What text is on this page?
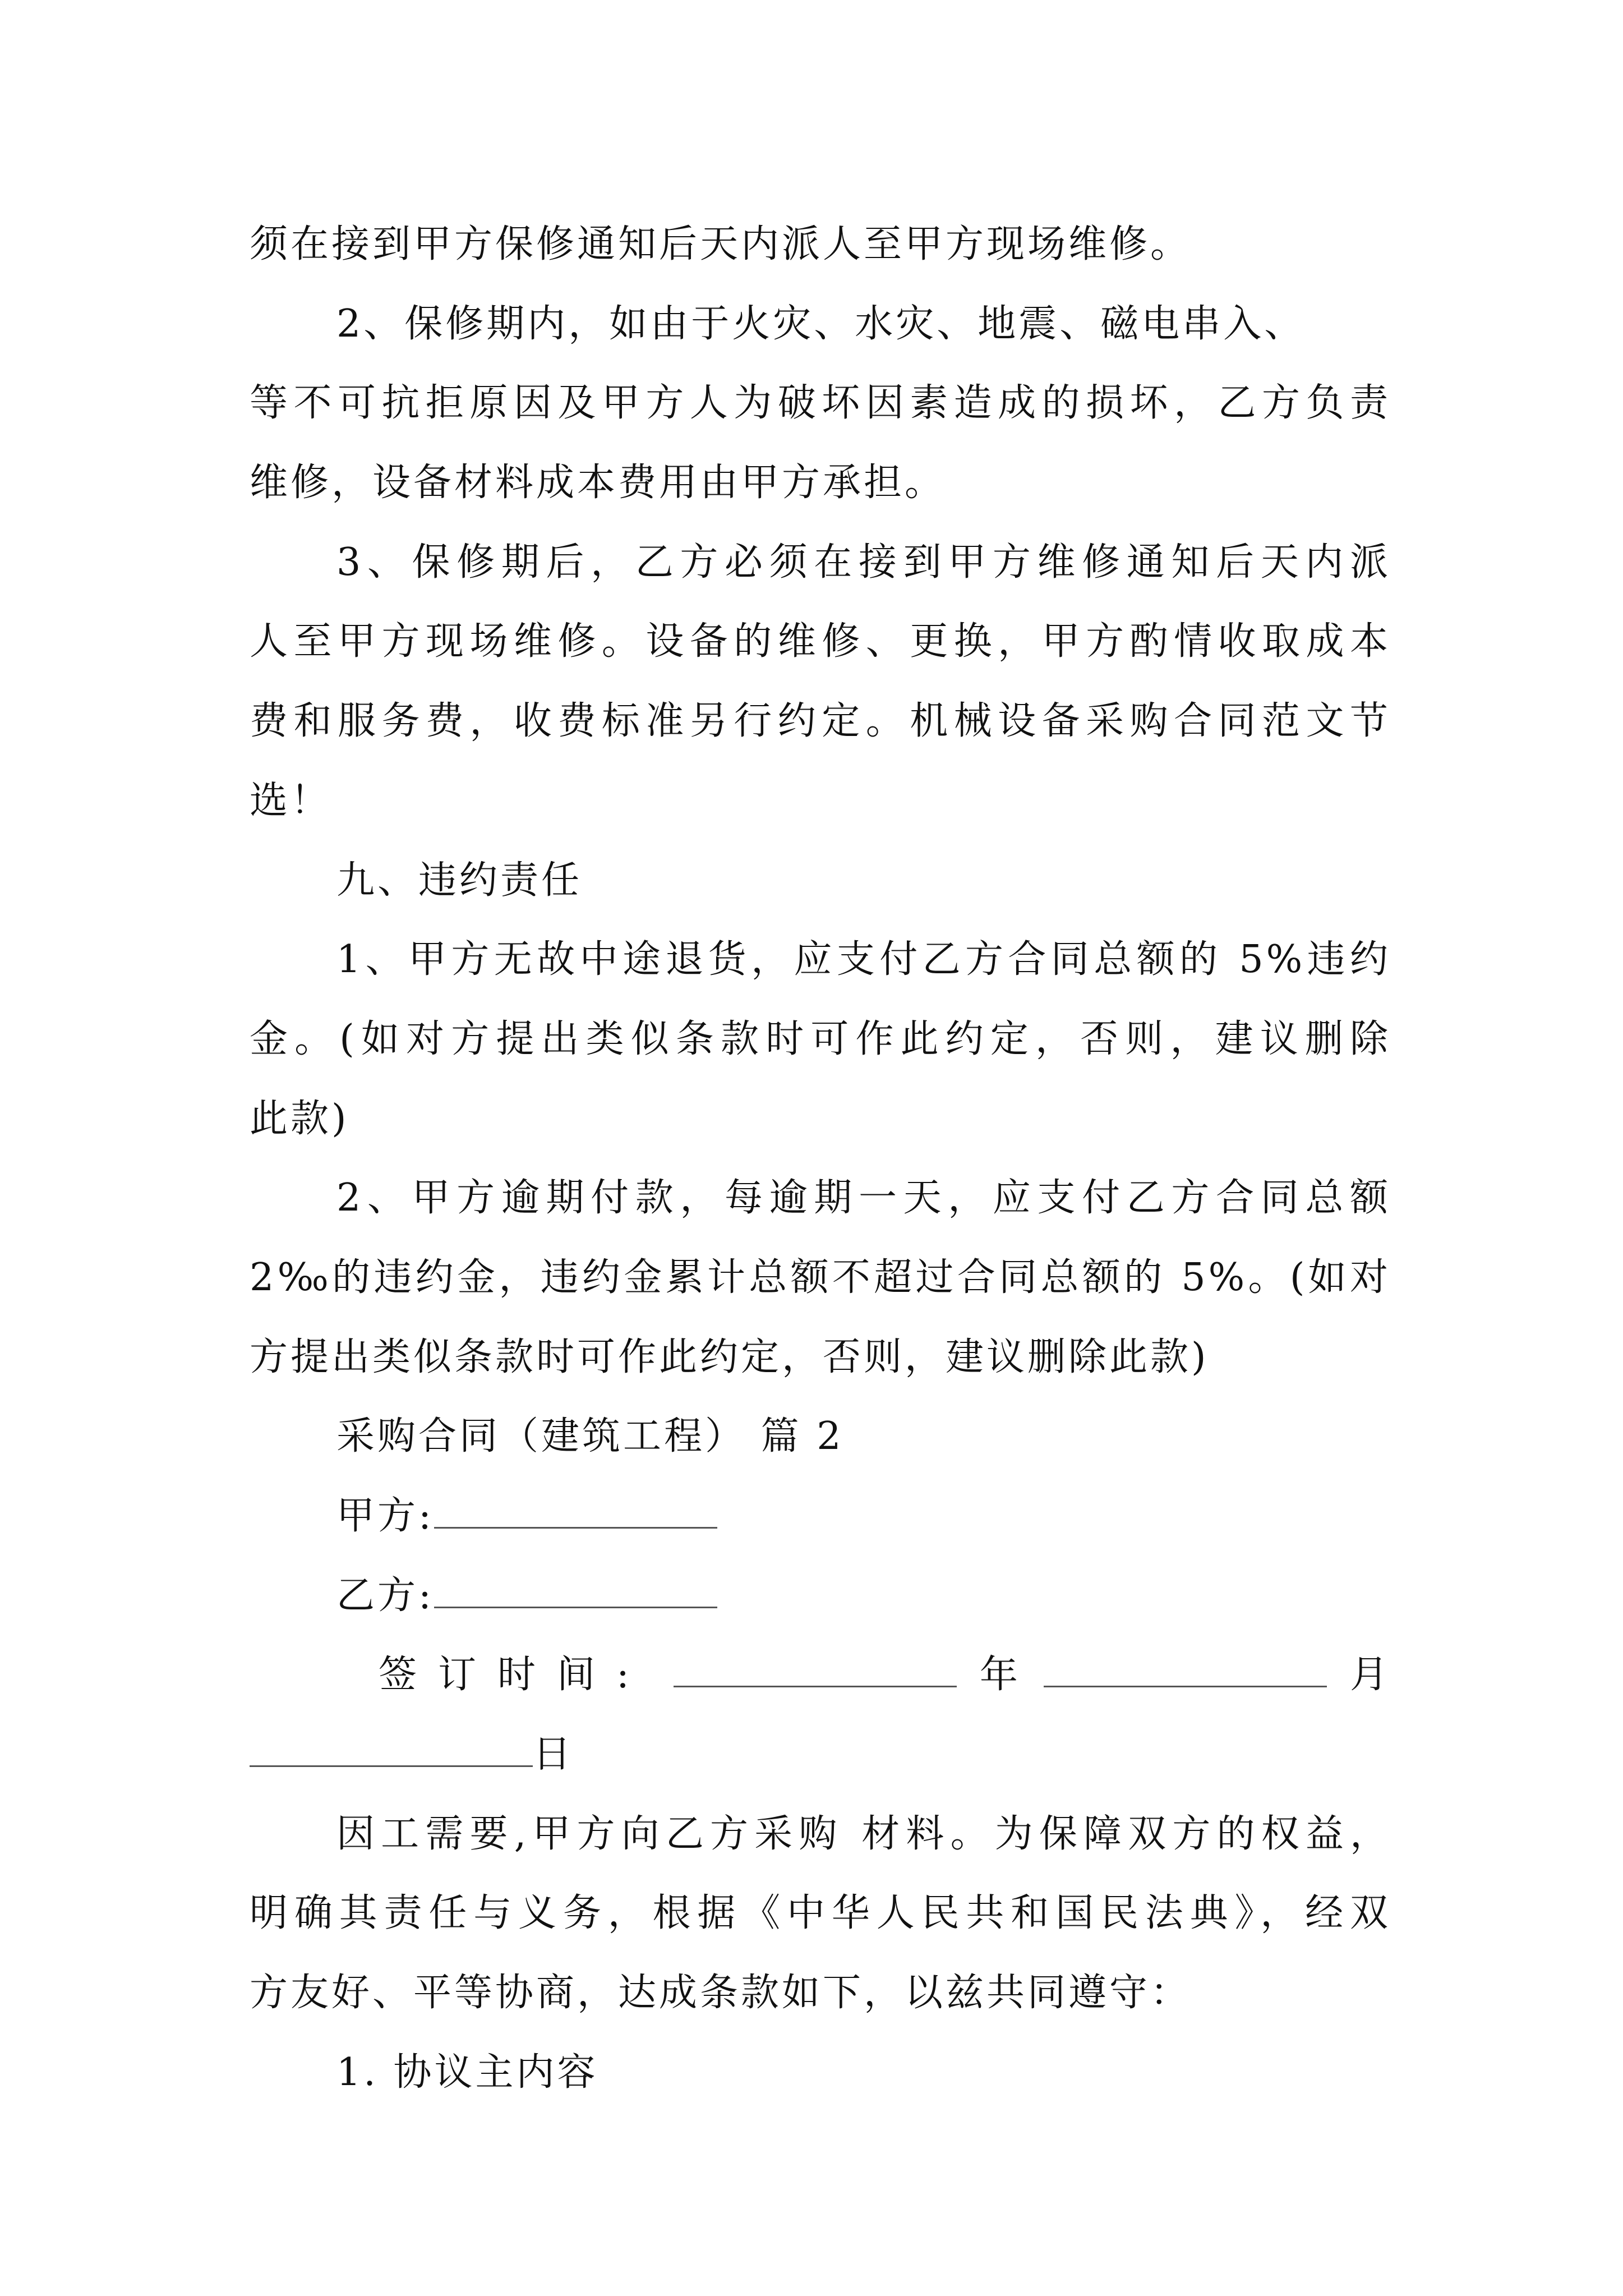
须在接到甲方保修通知后天内派人至甲方现场维修。
2、保修期内，如由于火灾、水灾、地震、磁电串入、
等不可抗拒原因及甲方人为破坏因素造成的损坏，乙方负责
维修，设备材料成本费用由甲方承担。
3、保修期后，乙方必须在接到甲方维修通知后天内派
人至甲方现场维修。设备的维修、更换，甲方酌情收取成本
费和服务费，收费标准另行约定。机械设备采购合同范文节
选！
九、违约责任
1、甲方无故中途退货，应支付乙方合同总额的 5%违约
金。(如对方提出类似条款时可作此约定，否则，建议删除
此款)
2、甲方逾期付款，每逾期一天，应支付乙方合同总额
2‰的违约金，违约金累计总额不超过合同总额的 5%。(如对
方提出类似条款时可作此约定，否则，建议删除此款)
采购合同（建筑工程） 篇 2
甲方:
乙方:
签订时间:	年	月
日
因工需要,甲方向乙方采购 材料。为保障双方的权益，
明确其责任与义务，根据《中华人民共和国民法典》，经双
方友好、平等协商，达成条款如下，以兹共同遵守：
1. 协议主内容
